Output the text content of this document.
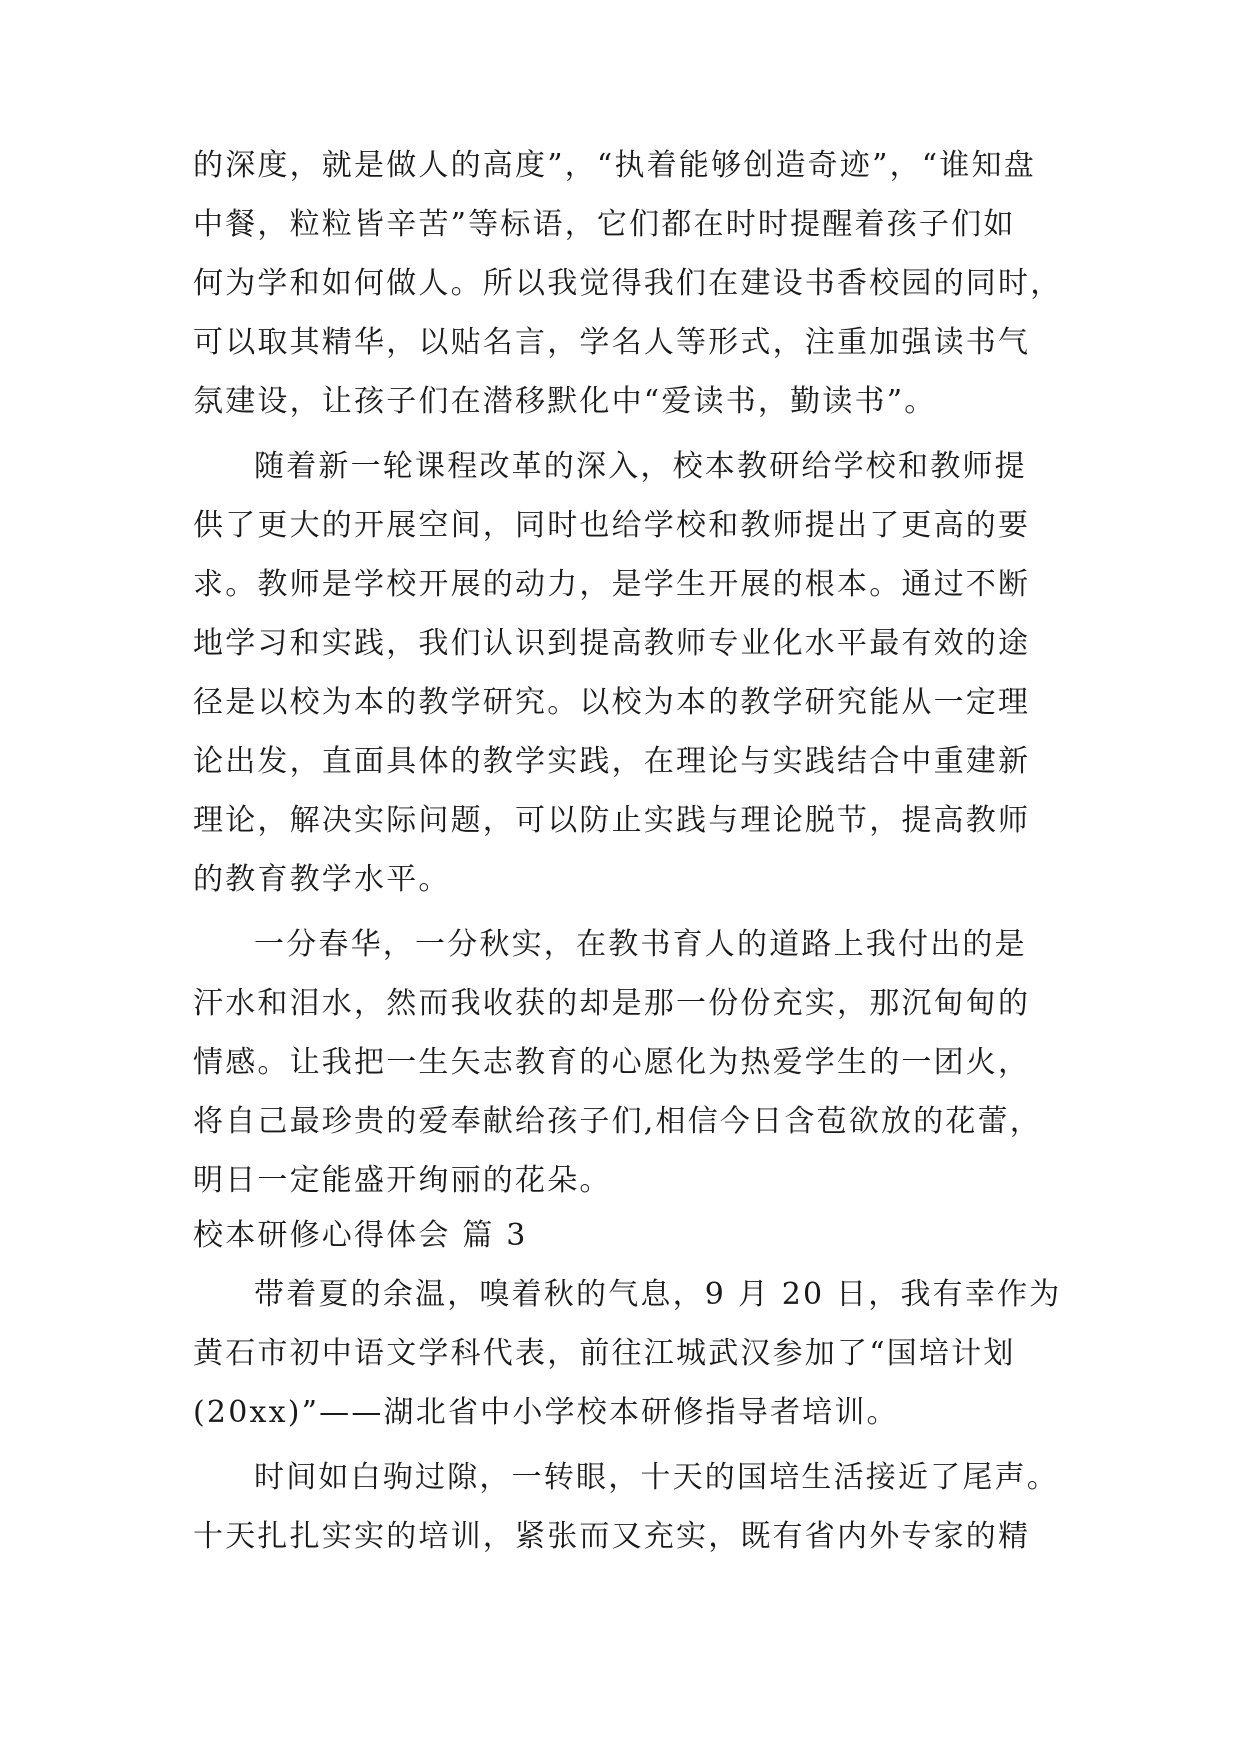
的深度，就是做人的高度”，“执着能够创造奇迹”，“谁知盘
中餐，粒粒皆辛苦”等标语，它们都在时时提醒着孩子们如
何为学和如何做人。所以我觉得我们在建设书香校园的同时，
可以取其精华，以贴名言，学名人等形式，注重加强读书气
氛建设，让孩子们在潜移默化中“爱读书，勤读书”。
随着新一轮课程改革的深入，校本教研给学校和教师提
供了更大的开展空间，同时也给学校和教师提出了更高的要
求。教师是学校开展的动力，是学生开展的根本。通过不断
地学习和实践，我们认识到提高教师专业化水平最有效的途
径是以校为本的教学研究。以校为本的教学研究能从一定理
论出发，直面具体的教学实践，在理论与实践结合中重建新
理论，解决实际问题，可以防止实践与理论脱节，提高教师
的教育教学水平。
一分春华，一分秋实，在教书育人的道路上我付出的是
汗水和泪水，然而我收获的却是那一份份充实，那沉甸甸的
情感。让我把一生矢志教育的心愿化为热爱学生的一团火，
将自己最珍贵的爱奉献给孩子们,相信今日含苞欲放的花蕾，
明日一定能盛开绚丽的花朵。
校本研修心得体会 篇 3
带着夏的余温，嗅着秋的气息，9 月 20 日，我有幸作为
黄石市初中语文学科代表，前往江城武汉参加了“国培计划
(20xx)”——湖北省中小学校本研修指导者培训。
时间如白驹过隙，一转眼，十天的国培生活接近了尾声。
十天扎扎实实的培训，紧张而又充实，既有省内外专家的精
